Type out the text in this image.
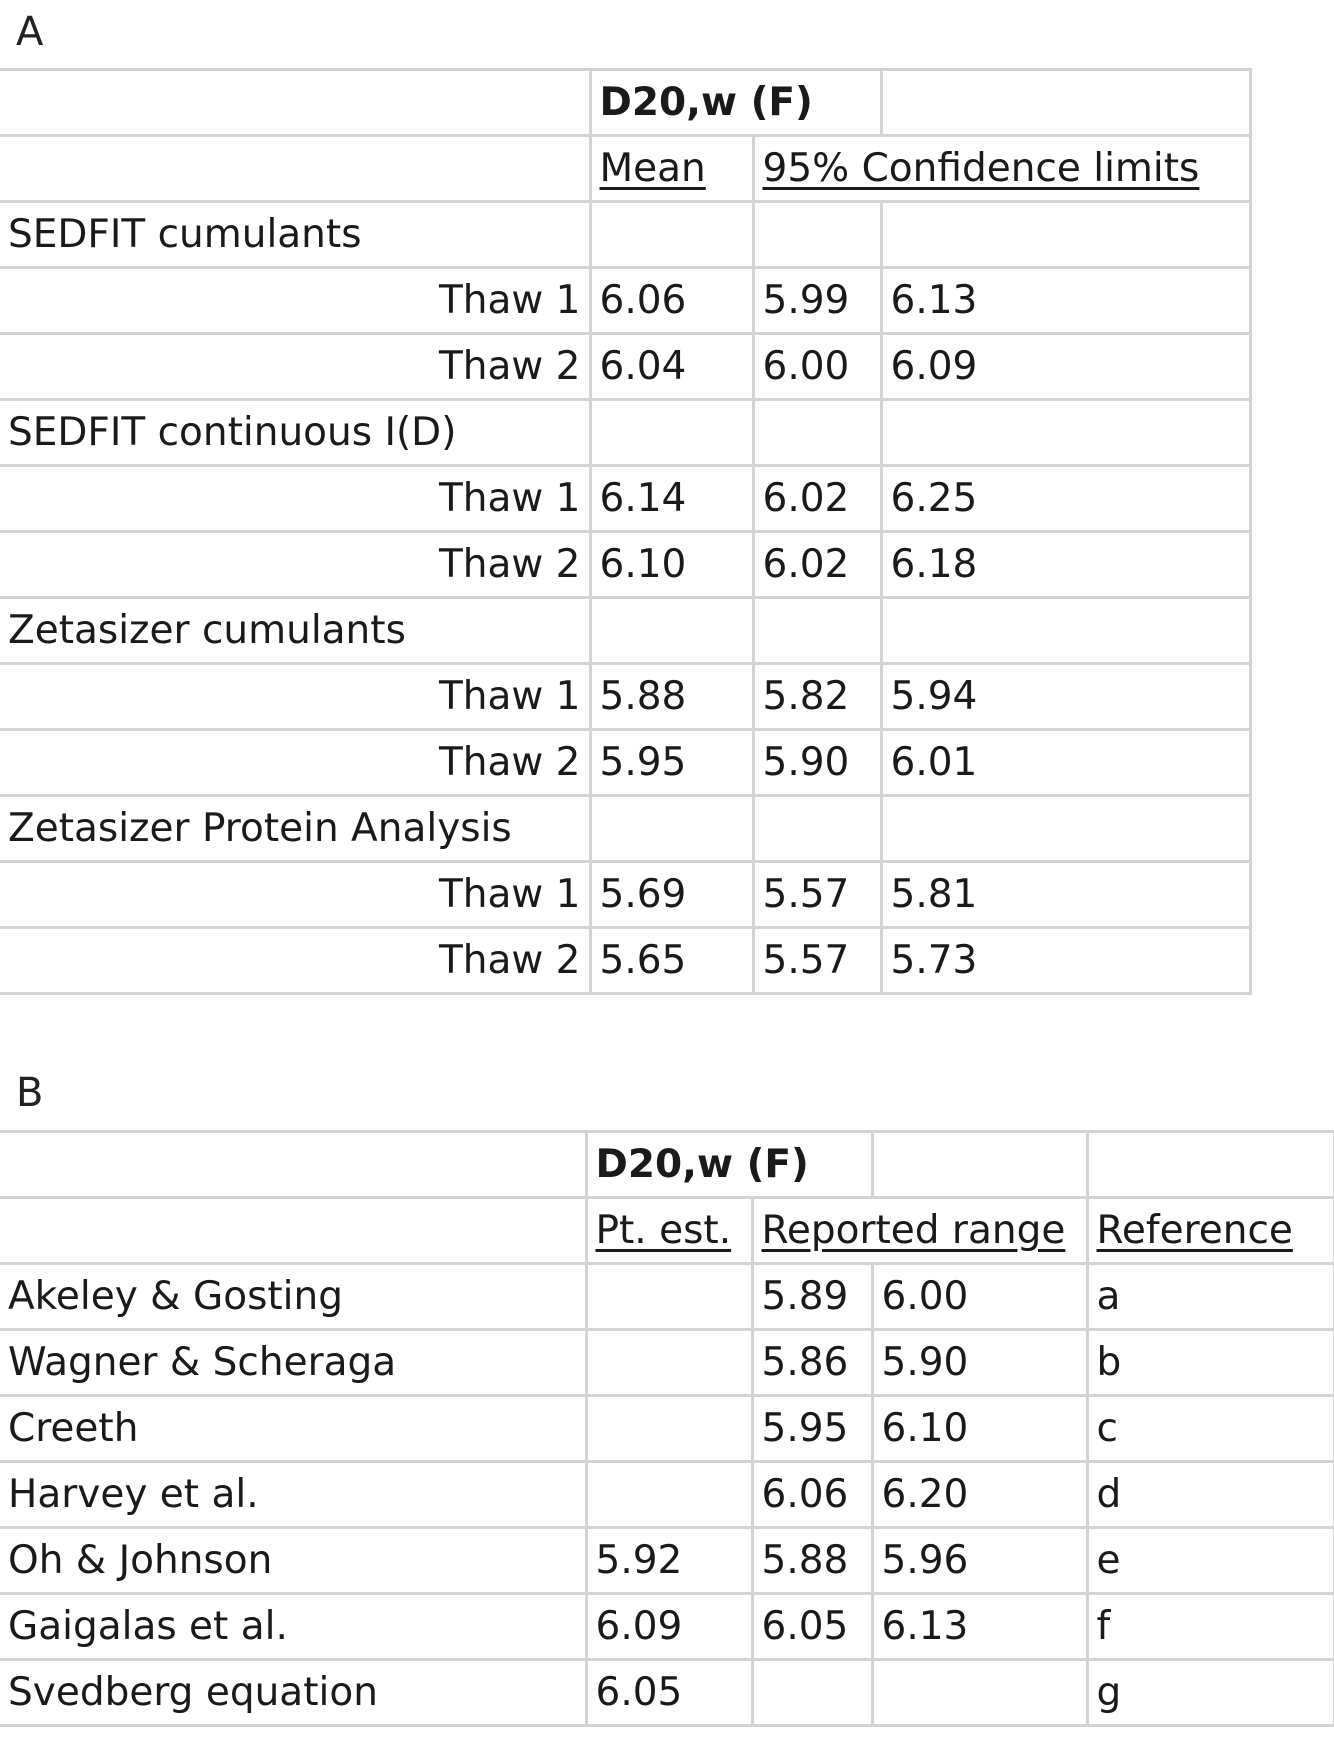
A
	D20,w (F)		
	Mean	95% Confidence limits	
SEDFIT cumulants			
Thaw 1	6.06	5.99	6.13
Thaw 2	6.04	6.00	6.09
SEDFIT continuous I(D)			
Thaw 1	6.14	6.02	6.25
Thaw 2	6.10	6.02	6.18
Zetasizer cumulants			
Thaw 1	5.88	5.82	5.94
Thaw 2	5.95	5.90	6.01
Zetasizer Protein Analysis			
Thaw 1	5.69	5.57	5.81
Thaw 2	5.65	5.57	5.73
B
	D20,w (F)			
	Pt. est.	Reported range		Reference
Akeley & Gosting		5.89	6.00	a
Wagner & Scheraga		5.86	5.90	b
Creeth		5.95	6.10	c
Harvey et al.		6.06	6.20	d
Oh & Johnson	5.92	5.88	5.96	e
Gaigalas et al.	6.09	6.05	6.13	f
Svedberg equation	6.05			g
